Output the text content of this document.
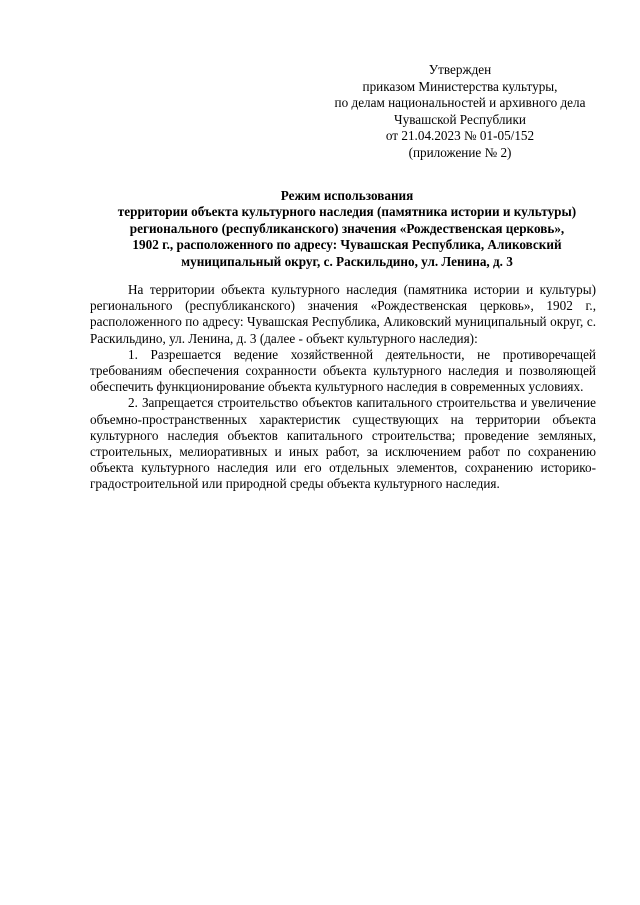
Утвержден
приказом Министерства культуры,
по делам национальностей и архивного дела
Чувашской Республики
от 21.04.2023 № 01-05/152
(приложение № 2)
Режим использования
территории объекта культурного наследия (памятника истории и культуры)
регионального (республиканского) значения «Рождественская церковь»,
1902 г., расположенного по адресу: Чувашская Республика, Аликовский
муниципальный округ, с. Раскильдино, ул. Ленина, д. 3

На территории объекта культурного наследия (памятника истории и культуры) регионального (республиканского) значения «Рождественская церковь», 1902 г., расположенного по адресу: Чувашская Республика, Аликовский муниципальный округ, с. Раскильдино, ул. Ленина, д. 3 (далее - объект культурного наследия):

1. Разрешается ведение хозяйственной деятельности, не противоречащей требованиям обеспечения сохранности объекта культурного наследия и позволяющей обеспечить функционирование объекта культурного наследия в современных условиях.

2. Запрещается строительство объектов капитального строительства и увеличение объемно-пространственных характеристик существующих на территории объекта культурного наследия объектов капитального строительства; проведение земляных, строительных, мелиоративных и иных работ, за исключением работ по сохранению объекта культурного наследия или его отдельных элементов, сохранению историко-градостроительной или природной среды объекта культурного наследия.
